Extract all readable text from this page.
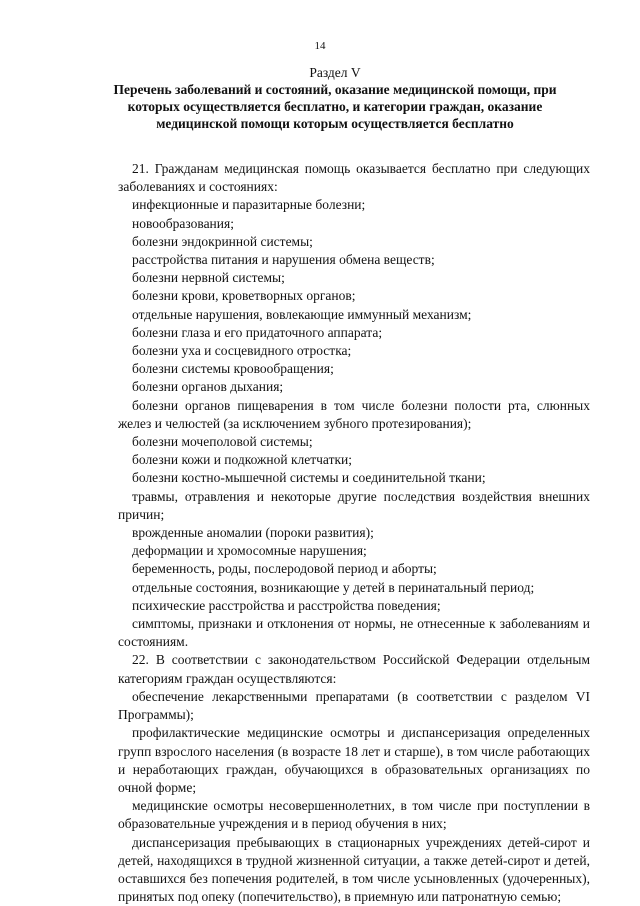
14
Раздел V
Перечень заболеваний и состояний, оказание медицинской помощи, при которых осуществляется бесплатно, и категории граждан, оказание медицинской помощи которым осуществляется бесплатно

21. Гражданам медицинская помощь оказывается бесплатно при следующих заболеваниях и состояниях:

инфекционные и паразитарные болезни;

новообразования;

болезни эндокринной системы;

расстройства питания и нарушения обмена веществ;

болезни нервной системы;

болезни крови, кроветворных органов;

отдельные нарушения, вовлекающие иммунный механизм;

болезни глаза и его придаточного аппарата;

болезни уха и сосцевидного отростка;

болезни системы кровообращения;

болезни органов дыхания;

болезни органов пищеварения в том числе болезни полости рта, слюнных желез и челюстей (за исключением зубного протезирования);

болезни мочеполовой системы;

болезни кожи и подкожной клетчатки;

болезни костно-мышечной системы и соединительной ткани;

травмы, отравления и некоторые другие последствия воздействия внешних причин;

врожденные аномалии (пороки развития);

деформации и хромосомные нарушения;

беременность, роды, послеродовой период и аборты;

отдельные состояния, возникающие у детей в перинатальный период;

психические расстройства и расстройства поведения;

симптомы, признаки и отклонения от нормы, не отнесенные к заболеваниям и состояниям.

22. В соответствии с законодательством Российской Федерации отдельным категориям граждан осуществляются:

обеспечение лекарственными препаратами (в соответствии с разделом VI Программы);

профилактические медицинские осмотры и диспансеризация определенных групп взрослого населения (в возрасте 18 лет и старше), в том числе работающих и неработающих граждан, обучающихся в образовательных организациях по очной форме;

медицинские осмотры несовершеннолетних, в том числе при поступлении в образовательные учреждения и в период обучения в них;

диспансеризация пребывающих в стационарных учреждениях детей-сирот и детей, находящихся в трудной жизненной ситуации, а также детей-сирот и детей, оставшихся без попечения родителей, в том числе усыновленных (удочеренных), принятых под опеку (попечительство), в приемную или патронатную семью;
